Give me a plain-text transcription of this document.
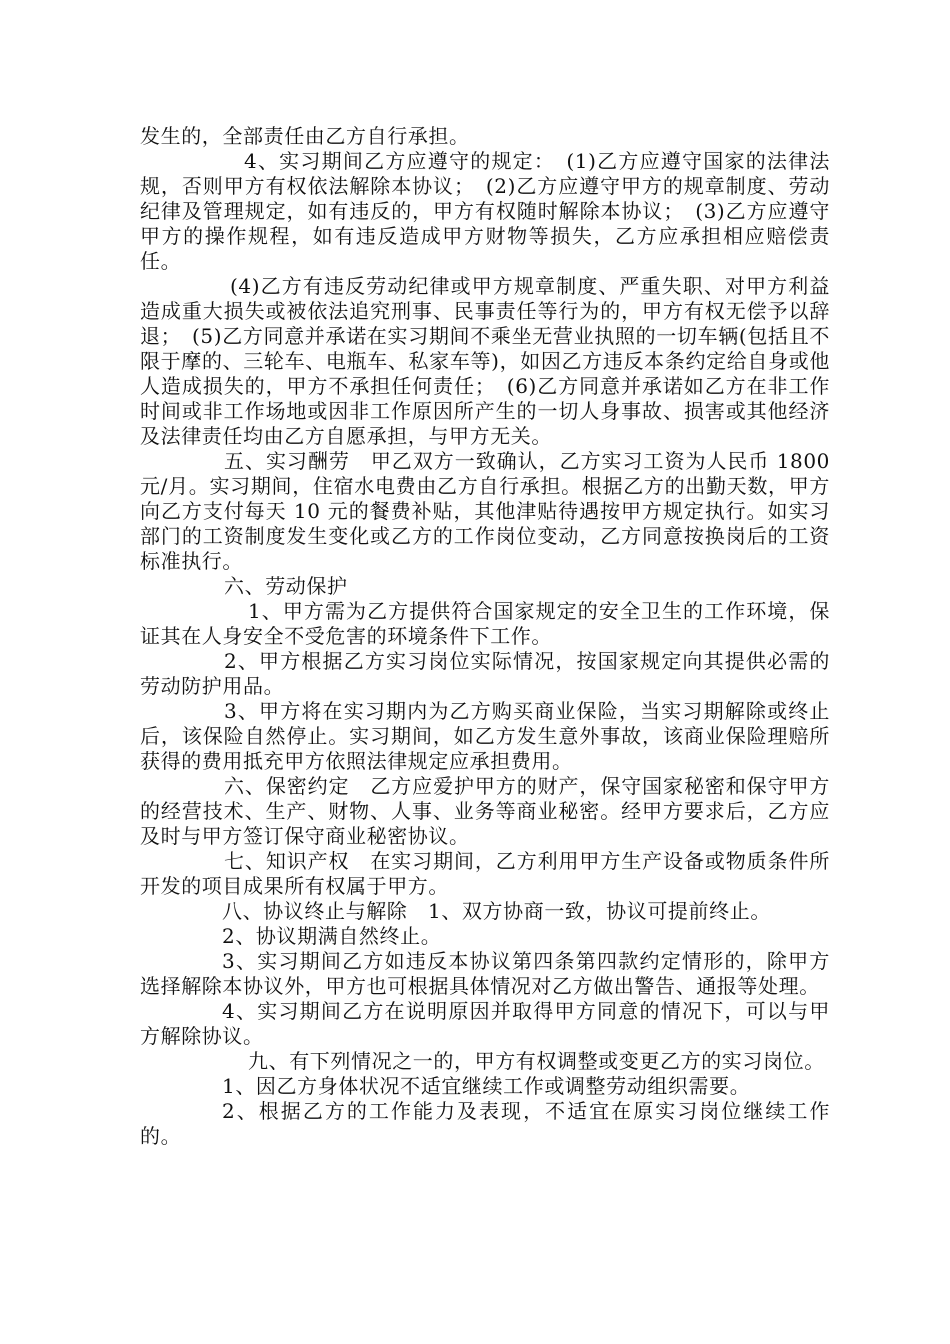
发生的，全部责任由乙方自行承担。

4、实习期间乙方应遵守的规定：　(1)乙方应遵守国家的法律法规，否则甲方有权依法解除本协议；　(2)乙方应遵守甲方的规章制度、劳动纪律及管理规定，如有违反的，甲方有权随时解除本协议；　(3)乙方应遵守甲方的操作规程，如有违反造成甲方财物等损失，乙方应承担相应赔偿责任。

(4)乙方有违反劳动纪律或甲方规章制度、严重失职、对甲方利益造成重大损失或被依法追究刑事、民事责任等行为的，甲方有权无偿予以辞退；　(5)乙方同意并承诺在实习期间不乘坐无营业执照的一切车辆(包括且不限于摩的、三轮车、电瓶车、私家车等)，如因乙方违反本条约定给自身或他人造成损失的，甲方不承担任何责任；　(6)乙方同意并承诺如乙方在非工作时间或非工作场地或因非工作原因所产生的一切人身事故、损害或其他经济及法律责任均由乙方自愿承担，与甲方无关。

五、实习酬劳　甲乙双方一致确认，乙方实习工资为人民币 1800 元/月。实习期间，住宿水电费由乙方自行承担。根据乙方的出勤天数，甲方向乙方支付每天 10 元的餐费补贴，其他津贴待遇按甲方规定执行。如实习部门的工资制度发生变化或乙方的工作岗位变动，乙方同意按换岗后的工资标准执行。

六、劳动保护

1、甲方需为乙方提供符合国家规定的安全卫生的工作环境，保证其在人身安全不受危害的环境条件下工作。

2、甲方根据乙方实习岗位实际情况，按国家规定向其提供必需的劳动防护用品。

3、甲方将在实习期内为乙方购买商业保险，当实习期解除或终止后，该保险自然停止。实习期间，如乙方发生意外事故，该商业保险理赔所获得的费用抵充甲方依照法律规定应承担费用。

六、保密约定　乙方应爱护甲方的财产，保守国家秘密和保守甲方的经营技术、生产、财物、人事、业务等商业秘密。经甲方要求后，乙方应及时与甲方签订保守商业秘密协议。

七、知识产权　在实习期间，乙方利用甲方生产设备或物质条件所开发的项目成果所有权属于甲方。

八、协议终止与解除　1、双方协商一致，协议可提前终止。

2、协议期满自然终止。

3、实习期间乙方如违反本协议第四条第四款约定情形的，除甲方选择解除本协议外，甲方也可根据具体情况对乙方做出警告、通报等处理。

4、实习期间乙方在说明原因并取得甲方同意的情况下，可以与甲方解除协议。

九、有下列情况之一的，甲方有权调整或变更乙方的实习岗位。

1、因乙方身体状况不适宜继续工作或调整劳动组织需要。

2、根据乙方的工作能力及表现，不适宜在原实习岗位继续工作的。
